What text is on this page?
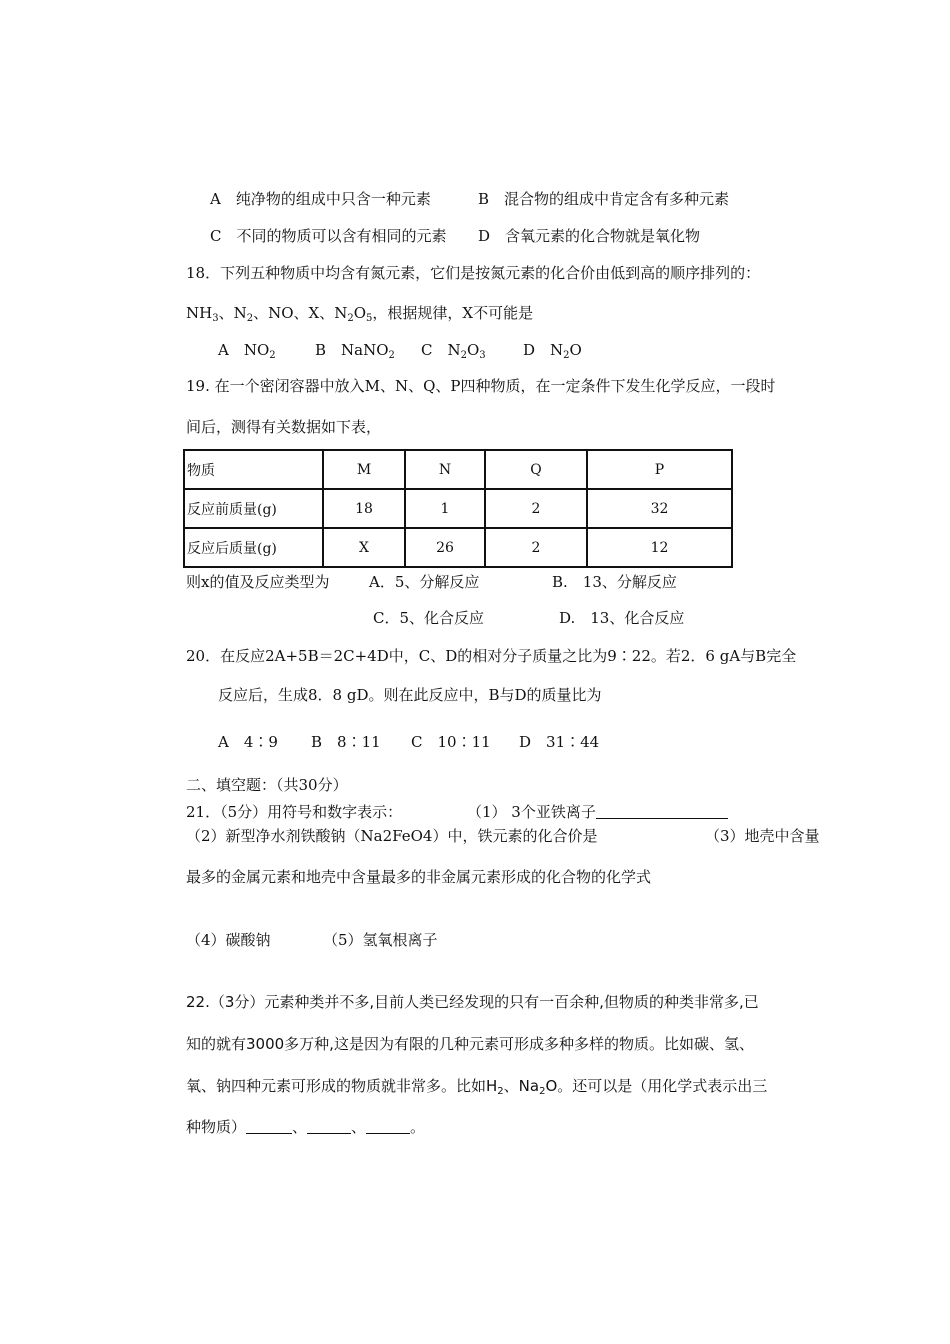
A　纯净物的组成中只含一种元素	B　混合物的组成中肯定含有多种元素
C　不同的物质可以含有相同的元素 D　含氧元素的化合物就是氧化物
18．下列五种物质中均含有氮元素，它们是按氮元素的化合价由低到高的顺序排列的：
$NH_3$、$N_2$、NO、X、$N_2O_5$，根据规律，X不可能是
A　$NO_2$	B　NaNO$_2$ C　$N_2O_3$ D　$N_2O$
19. 在一个密闭容器中放入M、N、Q、P四种物质，在一定条件下发生化学反应，一段时
间后，测得有关数据如下表，
物质	M	N	Q	P
反应前质量(g)	18	1	2	32
反应后质量(g)	X	26	2	12
则x的值及反应类型为	A．5、分解反应	B.　13、分解反应
C．5、化合反应	D.　13、化合反应
20．在反应2A+5B＝2C+4D中，C、D的相对分子质量之比为9∶22。若2．6 gA与B完全
反应后，生成8．8 gD。则在此反应中，B与D的质量比为
A　4∶9 B　8∶11 C　10∶11 D　31∶44
二、填空题：（共30分）
21．（5分）用符号和数字表示：	（1） 3个亚铁离子
（2）新型净水剂铁酸钠（Na2FeO4）中，铁元素的化合价是	（3）地壳中含量
最多的金属元素和地壳中含量最多的非金属元素形成的化合物的化学式
（4）碳酸钠	（5）氢氧根离子
22.（3分）元素种类并不多,目前人类已经发现的只有一百余种,但物质的种类非常多,已
知的就有3000多万种,这是因为有限的几种元素可形成多种多样的物质。比如碳、氢、
氧、钠四种元素可形成的物质就非常多。比如$H_2$、$Na_2O$。还可以是（用化学式表示出三
种物质）	、	、	。
